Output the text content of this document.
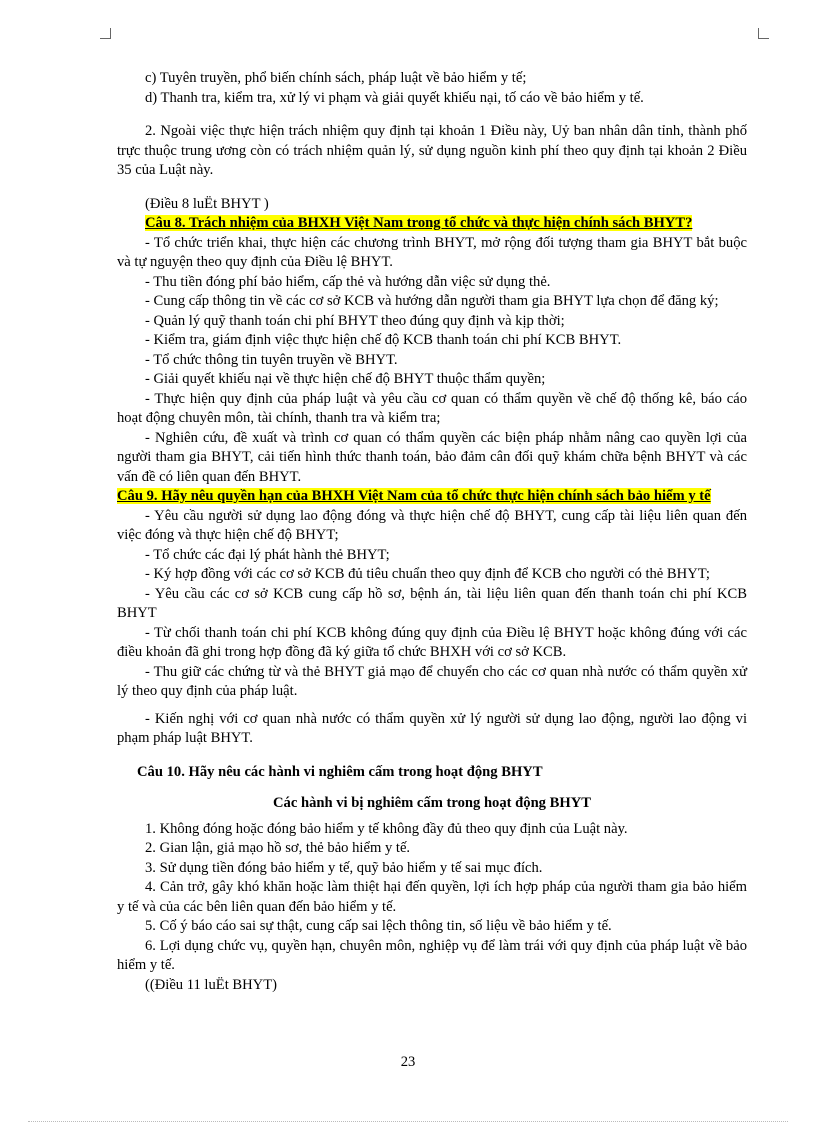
c) Tuyên truyền, phổ biến chính sách, pháp luật về bảo hiểm y tế;

d) Thanh tra, kiểm tra, xử lý vi phạm và giải quyết khiếu nại, tố cáo về bảo hiểm y tế.

2. Ngoài việc thực hiện trách nhiệm quy định tại khoản 1 Điều này, Uỷ ban nhân dân tỉnh, thành phố trực thuộc trung ương còn có trách nhiệm quản lý, sử dụng nguồn kinh phí theo quy định tại khoản 2 Điều 35 của Luật này.

(Điều 8 luËt BHYT )

Câu 8. Trách nhiệm của BHXH Việt Nam trong tổ chức và thực hiện chính sách BHYT?

- Tổ chức triển khai, thực hiện các chương trình BHYT, mở rộng đối tượng tham gia BHYT bắt buộc và tự nguyện theo quy định của Điều lệ BHYT.

- Thu tiền đóng phí bảo hiểm, cấp thẻ và hướng dẫn việc sử dụng thẻ.

- Cung cấp thông tin về các cơ sở KCB và hướng dẫn người tham gia BHYT lựa chọn để đăng ký;

- Quản lý quỹ thanh toán chi phí BHYT theo đúng quy định và kịp thời;

- Kiểm tra, giám định việc thực hiện chế độ KCB thanh toán chi phí KCB BHYT.

- Tổ chức thông tin tuyên truyền về BHYT.

- Giải quyết khiếu nại về thực hiện chế độ BHYT thuộc thẩm quyền;

- Thực hiện quy định của pháp luật và yêu cầu cơ quan có thẩm quyền về chế độ thống kê, báo cáo hoạt động chuyên môn, tài chính, thanh tra và kiểm tra;

- Nghiên cứu, đề xuất và trình cơ quan có thẩm quyền các biện pháp nhằm nâng cao quyền lợi của người tham gia BHYT, cải tiến hình thức thanh toán, bảo đảm cân đối quỹ khám chữa bệnh BHYT và các vấn đề có liên quan đến BHYT.

Câu 9. Hãy nêu quyền hạn của BHXH Việt Nam của tổ chức thực hiện chính sách bảo hiểm y tế

- Yêu cầu người sử dụng lao động đóng và thực hiện chế độ BHYT, cung cấp tài liệu liên quan đến việc đóng và thực hiện chế độ BHYT;

- Tổ chức các đại lý phát hành thẻ BHYT;

- Ký hợp đồng với các cơ sở KCB đủ tiêu chuẩn theo quy định để KCB cho người có thẻ BHYT;

- Yêu cầu các cơ sở KCB cung cấp hồ sơ, bệnh án, tài liệu liên quan đến thanh toán chi phí KCB BHYT

- Từ chối thanh toán chi phí KCB không đúng quy định của Điều lệ BHYT hoặc không đúng với các điều khoản đã ghi trong hợp đồng đã ký giữa tổ chức BHXH với cơ sở KCB.

- Thu giữ các chứng từ và thẻ BHYT giả mạo để chuyển cho các cơ quan nhà nước có thẩm quyền xử lý theo quy định của pháp luật.

- Kiến nghị với cơ quan nhà nước có thẩm quyền xử lý người sử dụng lao động, người lao động vi phạm pháp luật BHYT.

Câu 10. Hãy nêu các hành vi nghiêm cấm trong hoạt động BHYT

Các hành vi bị nghiêm cấm trong hoạt động BHYT

1. Không đóng hoặc đóng bảo hiểm y tế không đầy đủ theo quy định của Luật này.

2. Gian lận, giả mạo hồ sơ, thẻ bảo hiểm y tế.

3. Sử dụng tiền đóng bảo hiểm y tế, quỹ bảo hiểm y tế sai mục đích.

4. Cản trở, gây khó khăn hoặc làm thiệt hại đến quyền, lợi ích hợp pháp của người tham gia bảo hiểm y tế và của các bên liên quan đến bảo hiểm y tế.

5. Cố ý báo cáo sai sự thật, cung cấp sai lệch thông tin, số liệu về bảo hiểm y tế.

6. Lợi dụng chức vụ, quyền hạn, chuyên môn, nghiệp vụ để làm trái với quy định của pháp luật về bảo hiểm y tế.

((Điều 11 luËt BHYT)

23
